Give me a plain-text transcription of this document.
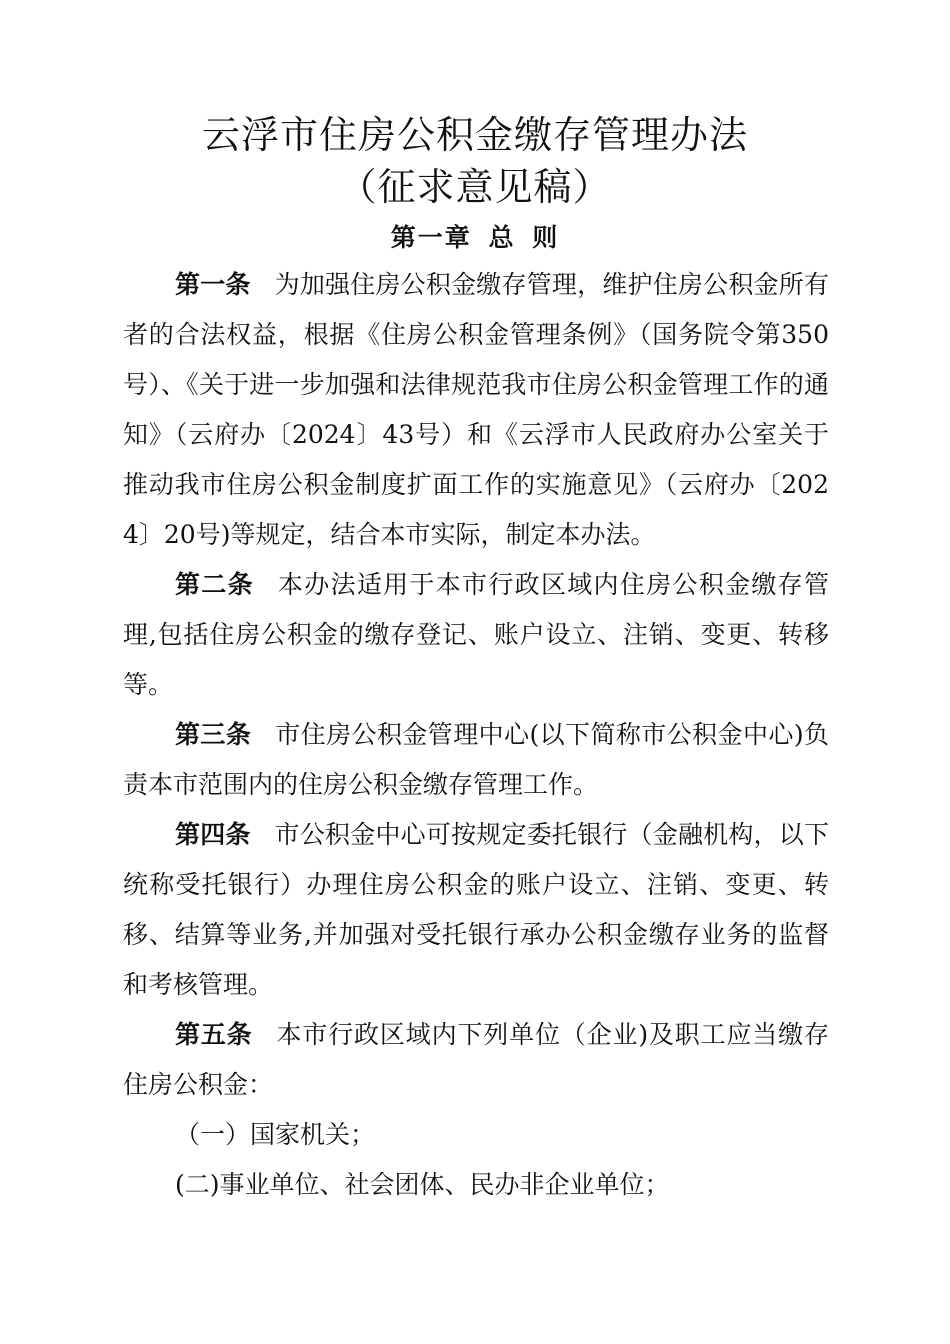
云浮市住房公积金缴存管理办法
（征求意见稿）
第一章 总 则

第一条 为加强住房公积金缴存管理，维护住房公积金所有者的合法权益，根据《住房公积金管理条例》（国务院令第350号）、《关于进一步加强和法律规范我市住房公积金管理工作的通知》（云府办〔2024〕43号）和《云浮市人民政府办公室关于推动我市住房公积金制度扩面工作的实施意见》（云府办〔2024〕20号)等规定，结合本市实际，制定本办法。

第二条 本办法适用于本市行政区域内住房公积金缴存管理,包括住房公积金的缴存登记、账户设立、注销、变更、转移等。

第三条 市住房公积金管理中心(以下简称市公积金中心)负责本市范围内的住房公积金缴存管理工作。

第四条 市公积金中心可按规定委托银行（金融机构，以下统称受托银行）办理住房公积金的账户设立、注销、变更、转移、结算等业务,并加强对受托银行承办公积金缴存业务的监督和考核管理。

第五条 本市行政区域内下列单位（企业)及职工应当缴存住房公积金：

（一）国家机关；

(二)事业单位、社会团体、民办非企业单位；
